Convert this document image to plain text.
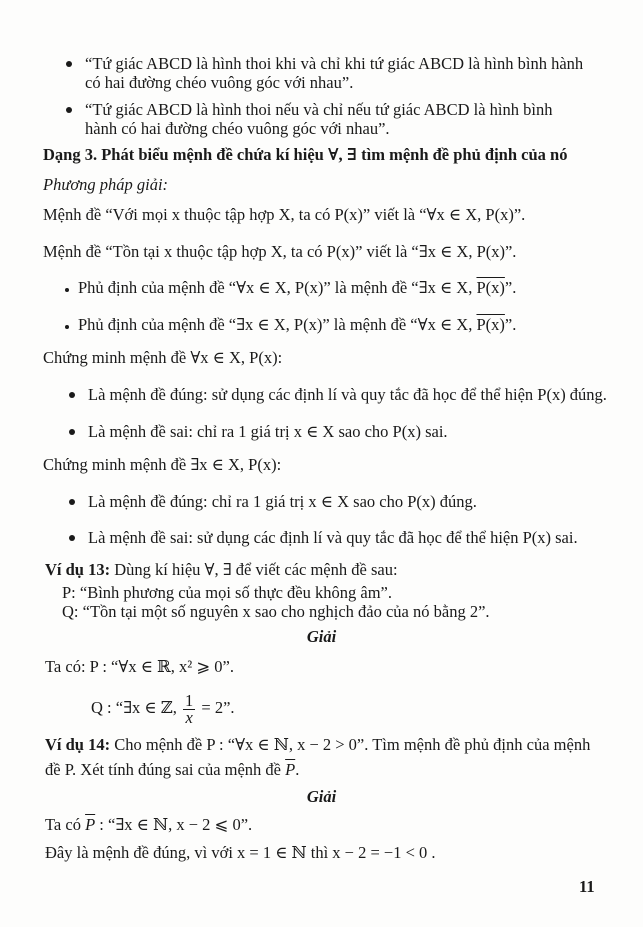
“Tứ giác ABCD là hình thoi khi và chỉ khi tứ giác ABCD là hình bình hành
có hai đường chéo vuông góc với nhau”.
“Tứ giác ABCD là hình thoi nếu và chỉ nếu tứ giác ABCD là hình bình
hành có hai đường chéo vuông góc với nhau”.
Dạng 3. Phát biểu mệnh đề chứa kí hiệu ∀, ∃ tìm mệnh đề phủ định của nó
Phương pháp giải:
Mệnh đề “Với mọi x thuộc tập hợp X, ta có P(x)” viết là “∀x ∈ X, P(x)”.
Mệnh đề “Tồn tại x thuộc tập hợp X, ta có P(x)” viết là “∃x ∈ X, P(x)”.
Phủ định của mệnh đề “∀x ∈ X, P(x)” là mệnh đề “∃x ∈ X, P(x)”.
Phủ định của mệnh đề “∃x ∈ X, P(x)” là mệnh đề “∀x ∈ X, P(x)”.
Chứng minh mệnh đề ∀x ∈ X, P(x):
Là mệnh đề đúng: sử dụng các định lí và quy tắc đã học để thể hiện P(x) đúng.
Là mệnh đề sai: chỉ ra 1 giá trị x ∈ X sao cho P(x) sai.
Chứng minh mệnh đề ∃x ∈ X, P(x):
Là mệnh đề đúng: chỉ ra 1 giá trị x ∈ X sao cho P(x) đúng.
Là mệnh đề sai: sử dụng các định lí và quy tắc đã học để thể hiện P(x) sai.
Ví dụ 13: Dùng kí hiệu ∀, ∃ để viết các mệnh đề sau:
P: “Bình phương của mọi số thực đều không âm”.
Q: “Tồn tại một số nguyên x sao cho nghịch đảo của nó bằng 2”.
Giải
Ta có: P : “∀x ∈ ℝ, x² ⩾ 0”.
Q : “∃x ∈ ℤ, $\frac{1}{x} = 2$”.
Ví dụ 14: Cho mệnh đề P : “∀x ∈ ℕ, x − 2 > 0”. Tìm mệnh đề phủ định của mệnh
đề P. Xét tính đúng sai của mệnh đề $\overline{P}$.
Giải
Ta có $\overline{P}$ : “∃x ∈ ℕ, x − 2 ⩽ 0”.
Đây là mệnh đề đúng, vì với x = 1 ∈ ℕ thì x − 2 = −1 < 0 .
11
